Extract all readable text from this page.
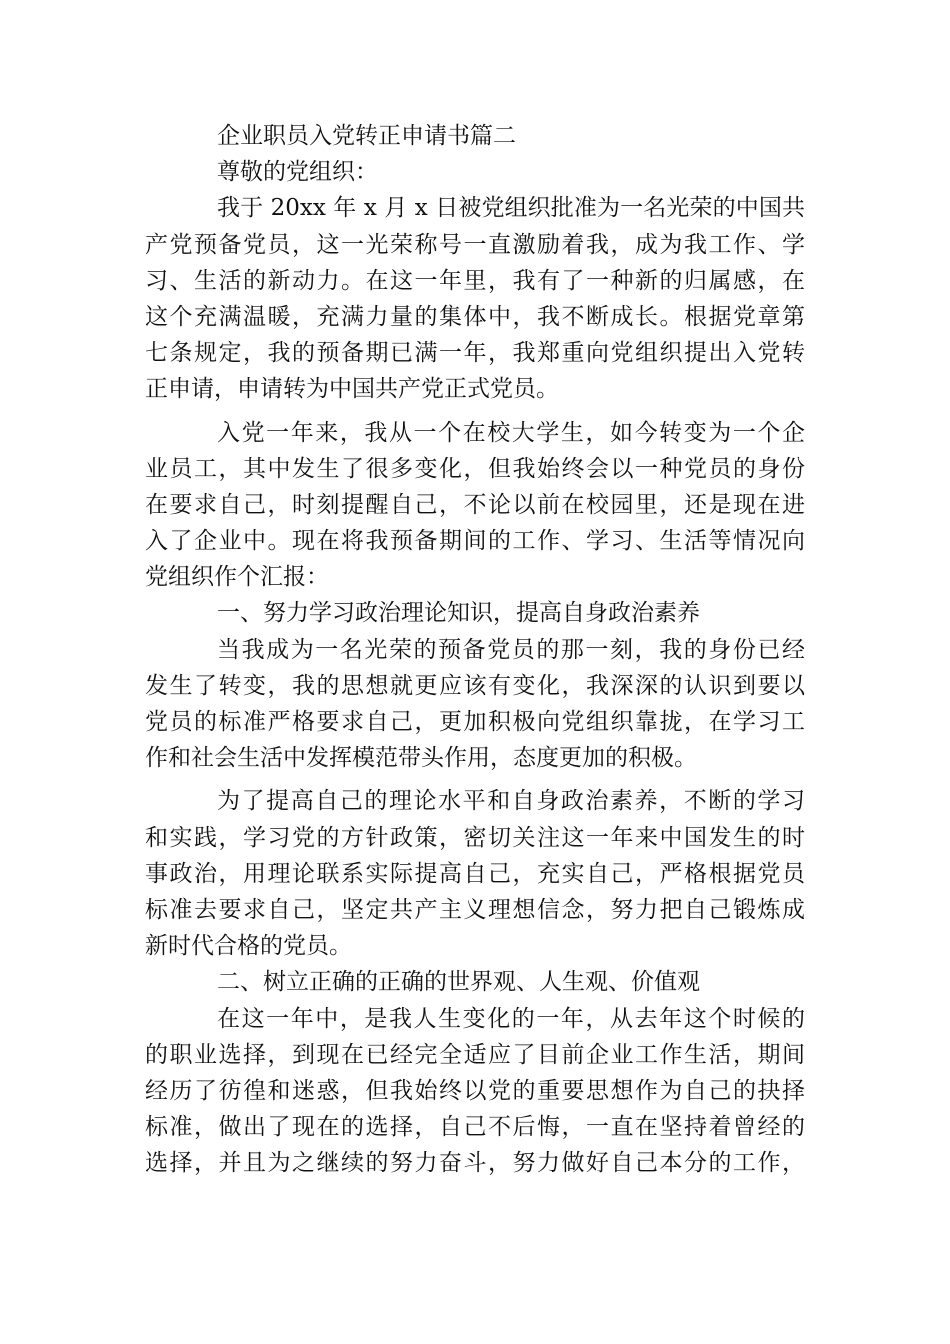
企业职员入党转正申请书篇二
尊敬的党组织：
我于 20xx 年 x 月 x 日被党组织批准为一名光荣的中国共
产党预备党员，这一光荣称号一直激励着我，成为我工作、学
习、生活的新动力。在这一年里，我有了一种新的归属感，在
这个充满温暖，充满力量的集体中，我不断成长。根据党章第
七条规定，我的预备期已满一年，我郑重向党组织提出入党转
正申请，申请转为中国共产党正式党员。
入党一年来，我从一个在校大学生，如今转变为一个企
业员工，其中发生了很多变化，但我始终会以一种党员的身份
在要求自己，时刻提醒自己，不论以前在校园里，还是现在进
入了企业中。现在将我预备期间的工作、学习、生活等情况向
党组织作个汇报：
一、努力学习政治理论知识，提高自身政治素养
当我成为一名光荣的预备党员的那一刻，我的身份已经
发生了转变，我的思想就更应该有变化，我深深的认识到要以
党员的标准严格要求自己，更加积极向党组织靠拢，在学习工
作和社会生活中发挥模范带头作用，态度更加的积极。
为了提高自己的理论水平和自身政治素养，不断的学习
和实践，学习党的方针政策，密切关注这一年来中国发生的时
事政治，用理论联系实际提高自己，充实自己，严格根据党员
标准去要求自己，坚定共产主义理想信念，努力把自己锻炼成
新时代合格的党员。
二、树立正确的正确的世界观、人生观、价值观
在这一年中，是我人生变化的一年，从去年这个时候的
的职业选择，到现在已经完全适应了目前企业工作生活，期间
经历了彷徨和迷惑，但我始终以党的重要思想作为自己的抉择
标准，做出了现在的选择，自己不后悔，一直在坚持着曾经的
选择，并且为之继续的努力奋斗，努力做好自己本分的工作，
